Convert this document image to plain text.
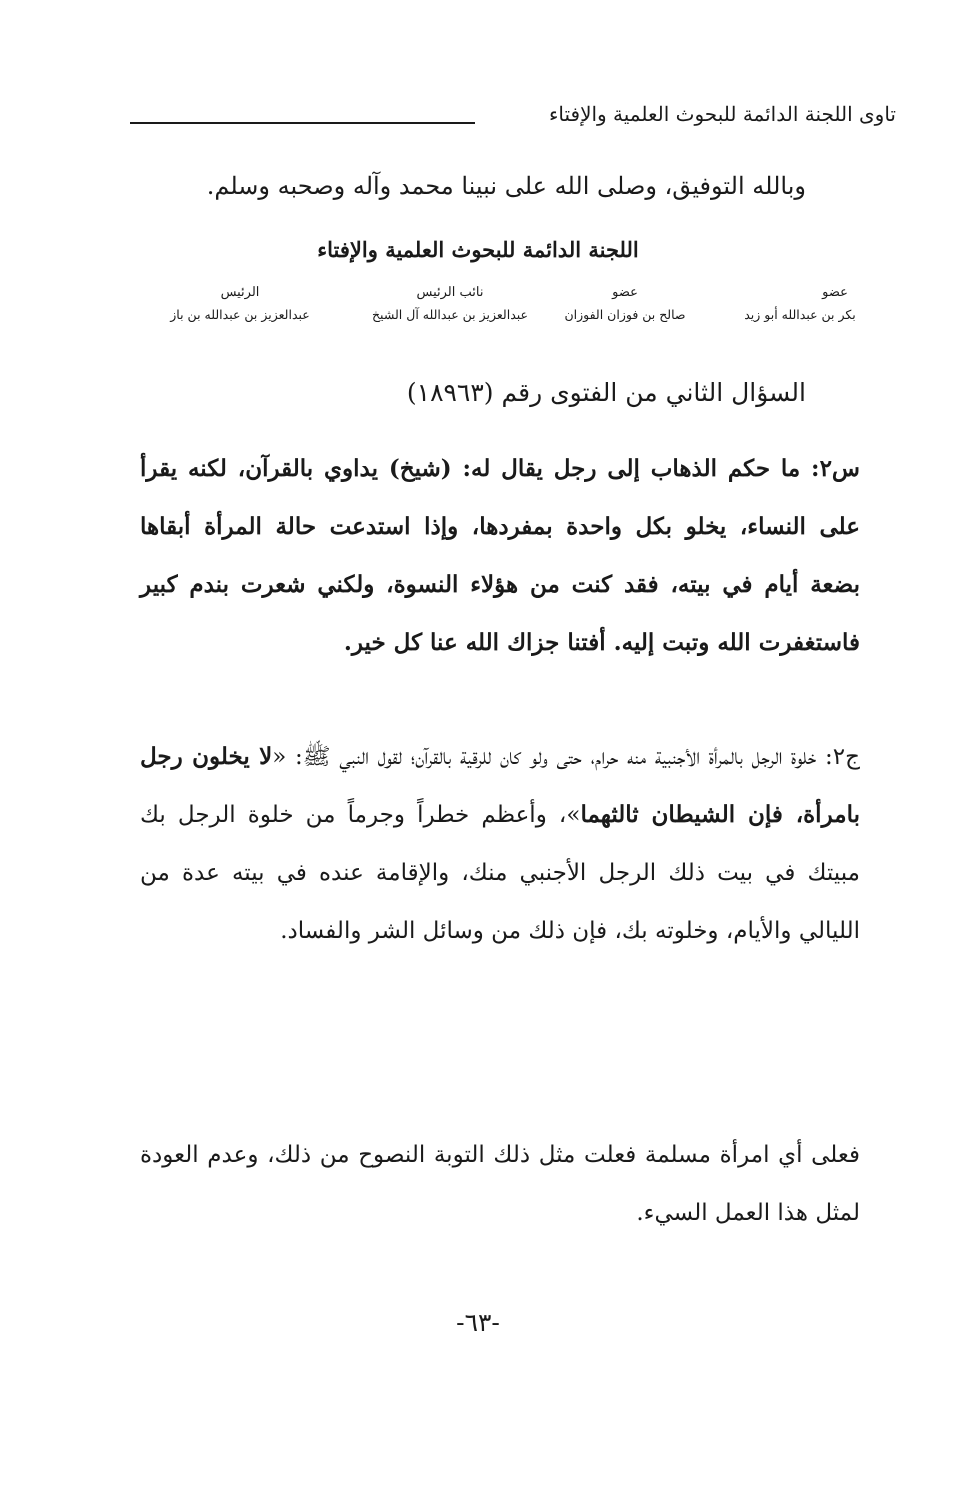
تاوى اللجنة الدائمة للبحوث العلمية والإفتاء
وبالله التوفيق، وصلى الله على نبينا محمد وآله وصحبه وسلم.
اللجنة الدائمة للبحوث العلمية والإفتاء
عضو
بكر بن عبدالله أبو زيد
عضو
صالح بن فوزان الفوزان
نائب الرئيس
عبدالعزيز بن عبدالله آل الشيخ
الرئيس
عبدالعزيز بن عبدالله بن باز
السؤال الثاني من الفتوى رقم (١٨٩٦٣)
س٢: ما حكم الذهاب إلى رجل يقال له: (شيخ) يداوي بالقرآن، لكنه يقرأ على النساء، يخلو بكل واحدة بمفردها، وإذا استدعت حالة المرأة أبقاها بضعة أيام في بيته، فقد كنت من هؤلاء النسوة، ولكني شعرت بندم كبير فاستغفرت الله وتبت إليه. أفتنا جزاك الله عنا كل خير.
ج٢: خلوة الرجل بالمرأة الأجنبية منه حرام، حتى ولو كان للرقية بالقرآن؛ لقول النبي ﷺ: «لا يخلون رجل بامرأة، فإن الشيطان ثالثهما»، وأعظم خطراً وجرماً من خلوة الرجل بك مبيتك في بيت ذلك الرجل الأجنبي منك، والإقامة عنده في بيته عدة من الليالي والأيام، وخلوته بك، فإن ذلك من وسائل الشر والفساد.
فعلى أي امرأة مسلمة فعلت مثل ذلك التوبة النصوح من ذلك، وعدم العودة لمثل هذا العمل السيء.
-٦٣-
